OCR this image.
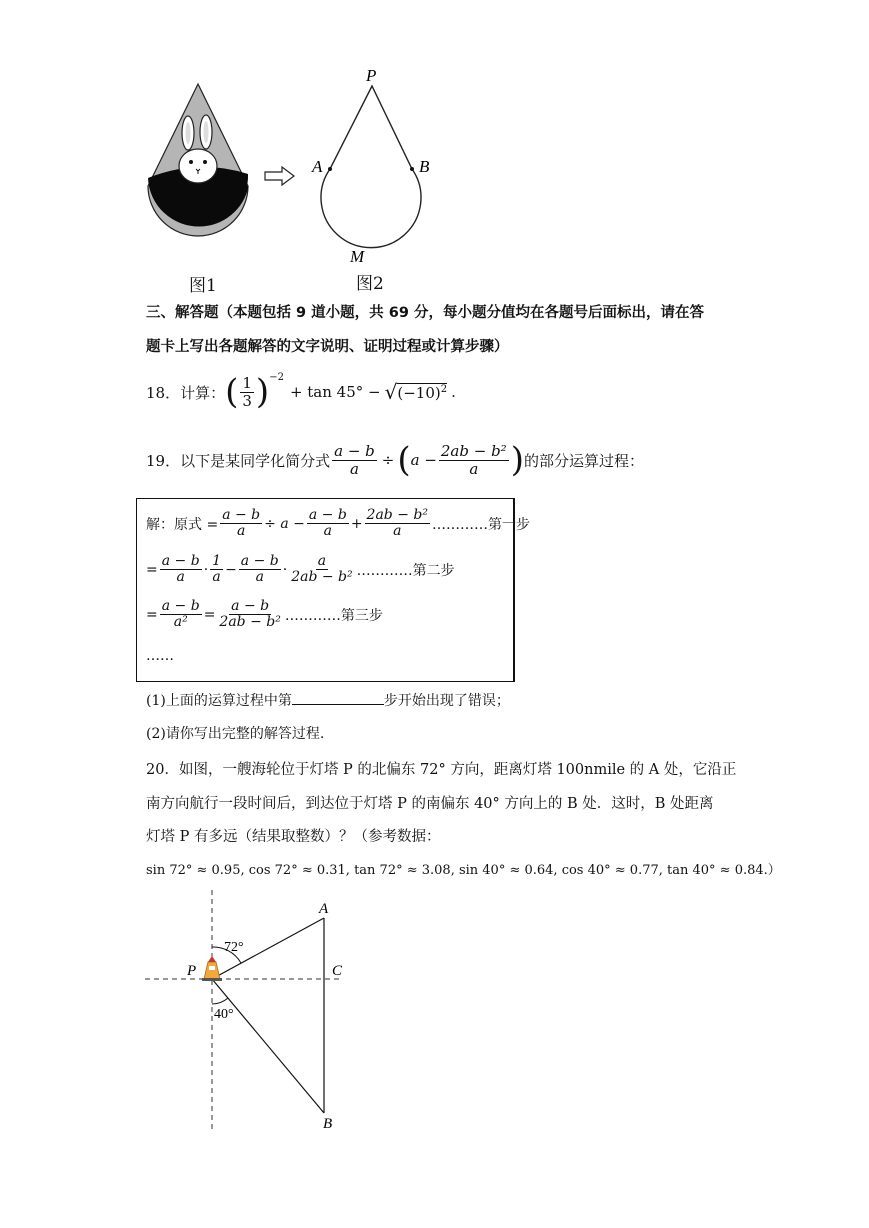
P
A	B
M
图1	图2
三、解答题（本题包括 9 道小题，共 69 分，每小题分值均在各题号后面标出，请在答
题卡上写出各题解答的文字说明、证明过程或计算步骤）
18． 计算： ( $\frac{1}{3} )^{-2}$
+ tan 45° − √ $(-10)^2$ .
19． 以下是某同学化简分式 $\frac{a - b}{a}$ ÷ ( $a - \frac{\text{2ab − b²}}{a}$ ) 的部分运算过程：
解：原式 = $\frac{a - b}{a} \div a - \frac{a - b}{a} + \frac{\text{2ab − b²}}{a}$ …………第一步
= $\frac{a - b}{a} \cdot \frac{1}{a} - \frac{a - b}{a} \cdot \frac{a}{\text{2ab − b²}}$ …………第二步
= $\frac{a - b}{\text{a²}} = \frac{a - b}{\text{2ab − b²}}$ …………第三步
……
(1)上面的运算过程中第	步开始出现了错误；
(2)请你写出完整的解答过程.
20．如图，一艘海轮位于灯塔 P 的北偏东 72° 方向，距离灯塔 100nmile 的 A 处，它沿正
南方向航行一段时间后，到达位于灯塔 P 的南偏东 40° 方向上的 B 处．这时，B 处距离
灯塔 P 有多远（结果取整数）？（参考数据：
sin 72° ≈ 0.95, cos 72° ≈ 0.31, tan 72° ≈ 3.08, sin 40° ≈ 0.64, cos 40° ≈ 0.77, tan 40° ≈ 0.84.）
A
B
C
P
72°
40°
